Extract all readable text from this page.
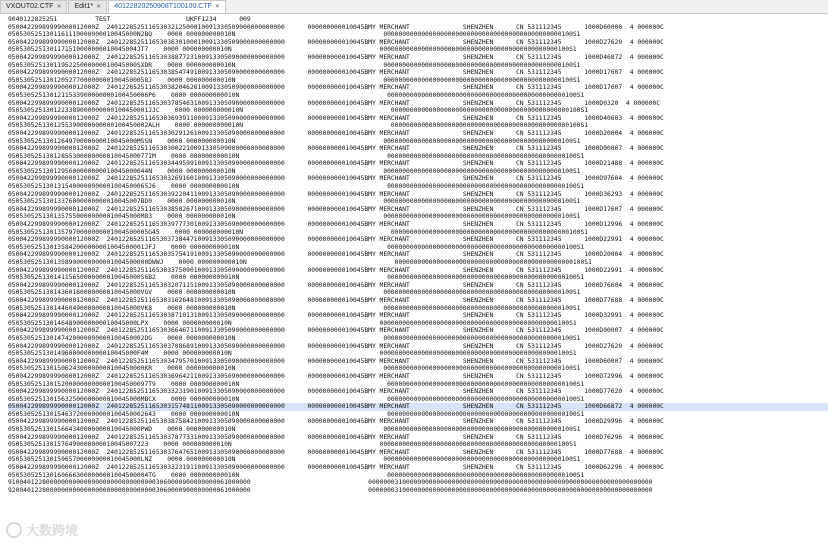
VXOUT02.CTF ✕ Edit1* ✕ 40122820250908T100100.CTF ✕
9040122825251          TEST                    UKFF1234      009
05004229989999000012000Z  24012285251165303212500010091330509000000000000      000000000010045BMY MERCHANT              SHENZHEN      CN 531112345      1000D60000  4 000000C
0505305251301161110000000010045000N2BQ    0000 000000000010N                                       00000000000000000000000000000000000000000000000100S1
05004229989999000012000Z  24012285251165303630100010091330509000000000000      000000000010045BMY MERCHANT              SHENZHEN      CN 531112345      1000D27620  4 000000C
0505305251301171510000000010045004JT7    0000 000000000010N                                       00000000000000000000000000000000000000000000000100S1
05004229989999000012000Z  24012285251165303887723100913305090000000000000      000000000010045BMY MERCHANT              SHENZHEN      CN 531112345      1000D46872  4 000000C
0505305251301195225000000010045000SXDR    0000 000000000010N                                       00000000000000000000000000000000000000000000000100S1
05004229989999000012000Z  24012285251165303854749100913305090000000000000      000000000010045BMY MERCHANT              SHENZHEN      CN 531112345      1000D17607  4 000000C
0505305251301205277000000001004500058J    0000 000000000010N                                       00000000000000000000000000000000000000000000000100S1
05004229989999000012000Z  24012285251165303820462610091330509000000000000      000000000010045BMY MERCHANT              SHENZHEN      CN 531112345      1000D17607  4 000000C
0505305251301211533900000000100450006P6    0000 000000000010N                                       00000000000000000000000000000000000000000000000100S1
05004229989999000012000Z  24012285251165303785463100913305090000000000000      000000000010045BMY MERCHANT              SHENZHEN      CN 531112345      1000D0320  4 000000C
0505305251301223389000000000100450001JJC    0000 000000000010N                                       00000000000000000000000000000000000000000000000100S1
05004229989999000012000Z  24012285251165303693911000913305090000000000000      000000000010045BMY MERCHANT              SHENZHEN      CN 531112345      1000D40603  4 000000C
0505305251301255390000000000100450002ALH    0000 000000000010N                                       00000000000000000000000000000000000000000000000100S1
05004229989999000012000Z  24012285251165303029126100913305090000000000000      000000000010045BMY MERCHANT              SHENZHEN      CN 531112345      1000D20004  4 000000C
0505305251301264970000000010045000MSSN    0000 000000000010N                                       00000000000000000000000000000000000000000000000100S1
05004229989999000012000Z  24012285251165303002210091330509000000000000000      000000000010045BMY MERCHANT              SHENZHEN      CN 531112345      1000D00007  4 000000C
0505305251301285530000000001004500077IM    0000 000000000010N                                       00000000000000000000000000000000000000000000000100S1
05004229989999000012000Z  24012285251165303449599100913305090000000000000      000000000010045BMY MERCHANT              SHENZHEN      CN 531112345      1000D21488  4 000000C
0505305251301295600000000010045000044N    0000 000000000010N                                       00000000000000000000000000000000000000000000000100S1
05004229989999000012000Z  24012285251165303269160100913305090000000000000      000000000010045BMY MERCHANT              SHENZHEN      CN 531112345      1000D97604  4 000000C
0505305251301315400000000001004500065J6    0000 000000000010N                                       00000000000000000000000000000000000000000000000100S1
05004229989999000012000Z  24012285251165303922041100913305090000000000000      000000000010045BMY MERCHANT              SHENZHEN      CN 531112345      1000D36293  4 000000C
05053052513013376000000000010045007BD0    0000 000000000010N                                       00000000000000000000000000000000000000000000000100S1
05004229989999000012000Z  24012285251165303850267100913305090000000000000      000000000010045BMY MERCHANT              SHENZHEN      CN 531112345      1000D17607  4 000000C
05053052513013575500000000010045000M83    0000 000000000010N                                       00000000000000000000000000000000000000000000000100S1
05004229989999000012000Z  24012285251165303977730100913305090000000000000      000000000010045BMY MERCHANT              SHENZHEN      CN 531112345      1000D12996  4 000000C
0505305251301357970000000001004500005G45    0000 000000000010N                                       00000000000000000000000000000000000000000000000100S1
05004229989999000012000Z  24012285251165303738447100913305090000000000000      000000000010045BMY MERCHANT              SHENZHEN      CN 531112345      1000D22991  4 000000C
050530525130135842000000001004500001JFJ    0000 000000000010N                                       00000000000000000000000000000000000000000000000100S1
05004229989999000012000Z  24012285251165303575419100913305090000000000000      000000000010045BMY MERCHANT              SHENZHEN      CN 531112345      1000D20004  4 000000C
0505305251301358900000000001004500000DWWJ    0000 000000000010N                                       00000000000000000000000000000000000000000000000100S1
05004229989999000012000Z  24012285251165303375090100913305090000000000000      000000000010045BMY MERCHANT              SHENZHEN      CN 531112345      1000D22991  4 000000C
05053052513014115650000000010045000S6B2    0000 000000000010N                                       00000000000000000000000000000000000000000000000100S1
05004229989999000012000Z  24012285251165303207115100913305090000000000000      000000000010045BMY MERCHANT              SHENZHEN      CN 531112345      1000D76604  4 000000C
05053052513014360160000000010045000VGV    0000 000000000010N                                       00000000000000000000000000000000000000000000000100S1
05004229989999000012000Z  24012285251165303162648100913305090000000000000      000000000010045BMY MERCHANT              SHENZHEN      CN 531112345      1000D77688  4 000000C
05053052513014460490000000010045000VK8    0000 000000000010N                                       00000000000000000000000000000000000000000000000100S1
05004229989999000012000Z  24012285251165303871013100913305090000000000000      000000000010045BMY MERCHANT              SHENZHEN      CN 531112345      1000D32991  4 000000C
0505305251301464890000000010045000LPX    0000 000000000010N                                       00000000000000000000000000000000000000000000000100S1
05004229989999000012000Z  24012285251165303664671100913305090000000000000      000000000010045BMY MERCHANT              SHENZHEN      CN 531112345      1000D00007  4 000000C
050530525130147420000000000100450002DG    0000 000000000010N                                       00000000000000000000000000000000000000000000000100S1
05004229989999000012000Z  24012285251165303708689100913305090000000000000      000000000010045BMY MERCHANT              SHENZHEN      CN 531112345      1000D27620  4 000000C
0505305251301496000000000010045000F4M    0000 000000000010N                                       00000000000000000000000000000000000000000000000100S1
05004229989999000012000Z  24012285251165303479570100913305090000000000000      000000000010045BMY MERCHANT              SHENZHEN      CN 531112345      1000D60007  4 000000C
050530525130150624300000000100450000KR    0000 000000000010N                                       00000000000000000000000000000000000000000000000100S1
05004229989999000012000Z  24012285251165303696421100913305090000000000000      000000000010045BMY MERCHANT              SHENZHEN      CN 531112345      1000D72996  4 000000C
0505305251301520000000000001004500097T9    0000 000000000010N                                       00000000000000000000000000000000000000000000000100S1
05004229989999000012000Z  24012285251165303323190100913305090000000000000      000000000010045BMY MERCHANT              SHENZHEN      CN 531112345      1000D77620  4 000000C
05053052513015632500000000010045000MBCX    0000 000000000010N                                       00000000000000000000000000000000000000000000000100S1
05004229989999000012000Z  24012285251165303157481100913305090000000000000      000000000010045BMY MERCHANT              SHENZHEN      CN 531112345      1000D66872  4 000000C
050530525130154637200000000100450002643    0000 000000000010N                                       00000000000000000000000000000000000000000000000100S1
05004229989999000012000Z  24012285251165303875842100913305090000000000000      000000000010045BMY MERCHANT              SHENZHEN      CN 531112345      1000D29996  4 000000C
05053052513015664340000000010045000PWD    0000 000000000010N                                       00000000000000000000000000000000000000000000000100S1
05004229989999000012000Z  24012285251165303787733100913305090000000000000      000000000010045BMY MERCHANT              SHENZHEN      CN 531112345      1000D76296  4 000000C
0505305251301576490000000010045007223    0000 000000000010N                                       00000000000000000000000000000000000000000000000100S1
05004229989999000012000Z  24012285251165303764765100913305090000000000000      000000000010045BMY MERCHANT              SHENZHEN      CN 531112345      1000D77688  4 000000C
05053052513015965700000000010045000LNZ    0000 000000000010N                                       00000000000000000000000000000000000000000000000100S1
05004229989999000012000Z  24012285251165303323191100913305090000000000000      000000000010045BMY MERCHANT              SHENZHEN      CN 531112345      1000D62296  4 000000C
0505305251301606663000000001004500004TG    0000 000000000010N                                       00000000000000000000000000000000000000000000000100S1
9100401228000000000000000000000000000003060000900000000061000000                               000000031000000000000000000000000000000000000000000000000000000000000000000
9200401228000000000000000000000000000003060000900000000061000000                               000000031000000000000000000000000000000000000000000000000000000000000000000
大数跨境
